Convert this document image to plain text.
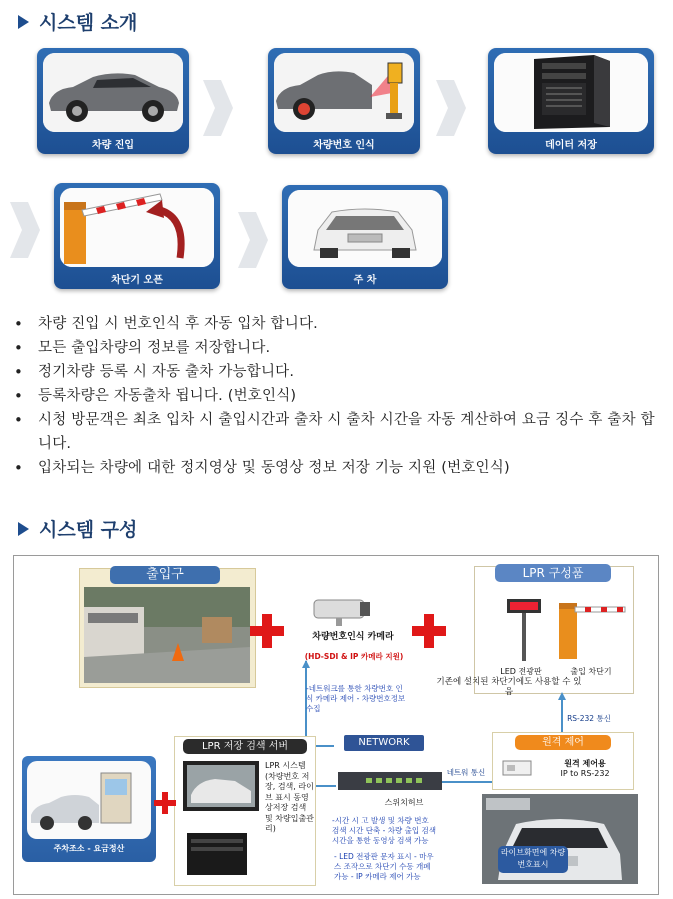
시스템 소개
차량 진입	차량번호 인식	데이터 저장
차단기 오픈	주 차
• 차량 진입 시 번호인식 후 자동 입차 합니다.
• 모든 출입차량의 정보를 저장합니다.
• 정기차량 등록 시 자동 출차 가능합니다.
• 등록차량은 자동출차 됩니다. (번호인식)
• 시청 방문객은 최초 입차 시 출입시간과 출차 시 출차 시간을 자동 계산하여 요금 징수 후 출차 합니다.
• 입차되는 차량에 대한 정지영상 및 동영상 정보 저장 기능 지원 (번호인식)
시스템 구성
출입구
차량번호인식 카메라
(HD-SDI & IP 카메라 지원)
LPR 구성품
LED 전광판	출입 차단기
기존에 설치된 차단기에도 사용할 수 있음
RS-232 통신
원격 제어
원격 제어용
IP to RS-232
NETWORK
스위치허브
네트워 통신
-네트워크를 통한 차량번호 인식 카메라 제어 - 차량번호정보 수집
LPR 저장 검색 서버
LPR 시스템 (차량번호 저장, 검색, 라이브 표시 동영상저장 검색 및 차량입출관리)
-시간 시 고 발생 및 차량 번호 검색 시간 단축 - 차량 출입 검색 시간을 통한 동영상 검색 가능
- LED 전광판 문자 표시 - 마우스 조작으로 차단기 수동 개폐 가능 - IP 카메라 제어 가능
주차조소 - 요금정산	라이브화면에 차량번호표시
